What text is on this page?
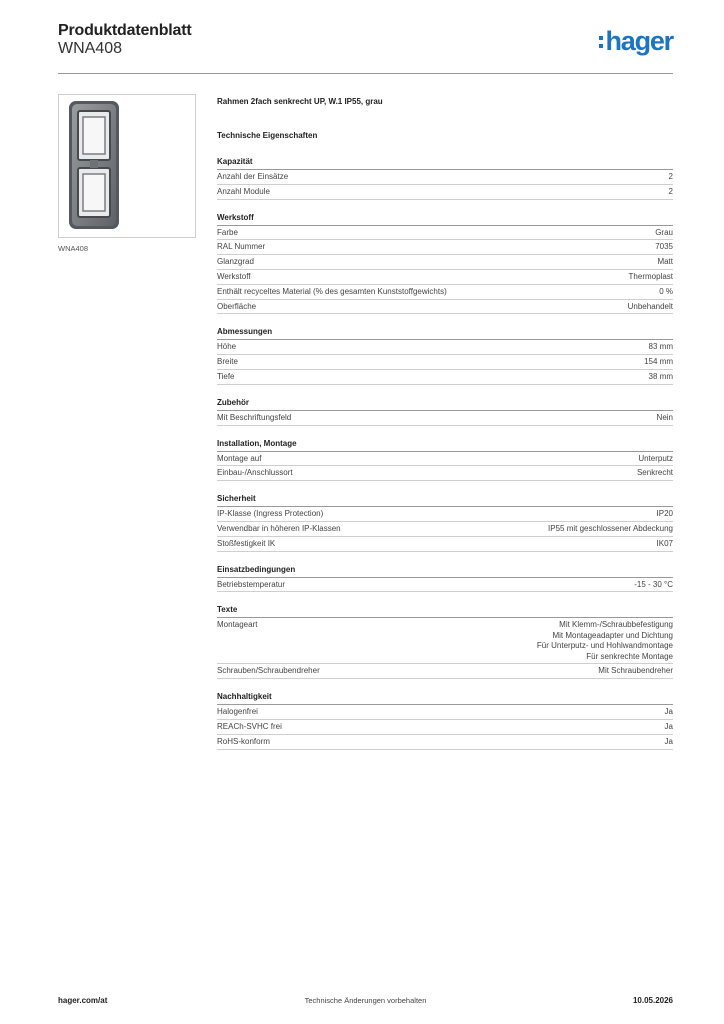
Produktdatenblatt
WNA408	hager
WNA408
Rahmen 2fach senkrecht UP, W.1 IP55, grau
Technische Eigenschaften
Kapazität
Anzahl der Einsätze	2
Anzahl Module	2
Werkstoff
Farbe	Grau
RAL Nummer	7035
Glanzgrad	Matt
Werkstoff	Thermoplast
Enthält recyceltes Material (% des gesamten Kunststoffgewichts)	0 %
Oberfläche	Unbehandelt
Abmessungen
Höhe	83 mm
Breite	154 mm
Tiefe	38 mm
Zubehör
Mit Beschriftungsfeld	Nein
Installation, Montage
Montage auf	Unterputz
Einbau-/Anschlussort	Senkrecht
Sicherheit
IP-Klasse (Ingress Protection)	IP20
Verwendbar in höheren IP-Klassen	IP55 mit geschlossener Abdeckung
Stoßfestigkeit IK	IK07
Einsatzbedingungen
Betriebstemperatur	-15 - 30 °C
Texte
Montageart	Mit Klemm-/Schraubbefestigung
Mit Montageadapter und Dichtung
Für Unterputz- und Hohlwandmontage
Für senkrechte Montage
Schrauben/Schraubendreher	Mit Schraubendreher
Nachhaltigkeit
Halogenfrei	Ja
REACh-SVHC frei	Ja
RoHS-konform	Ja
hager.com/at	Technische Änderungen vorbehalten	10.05.2026
